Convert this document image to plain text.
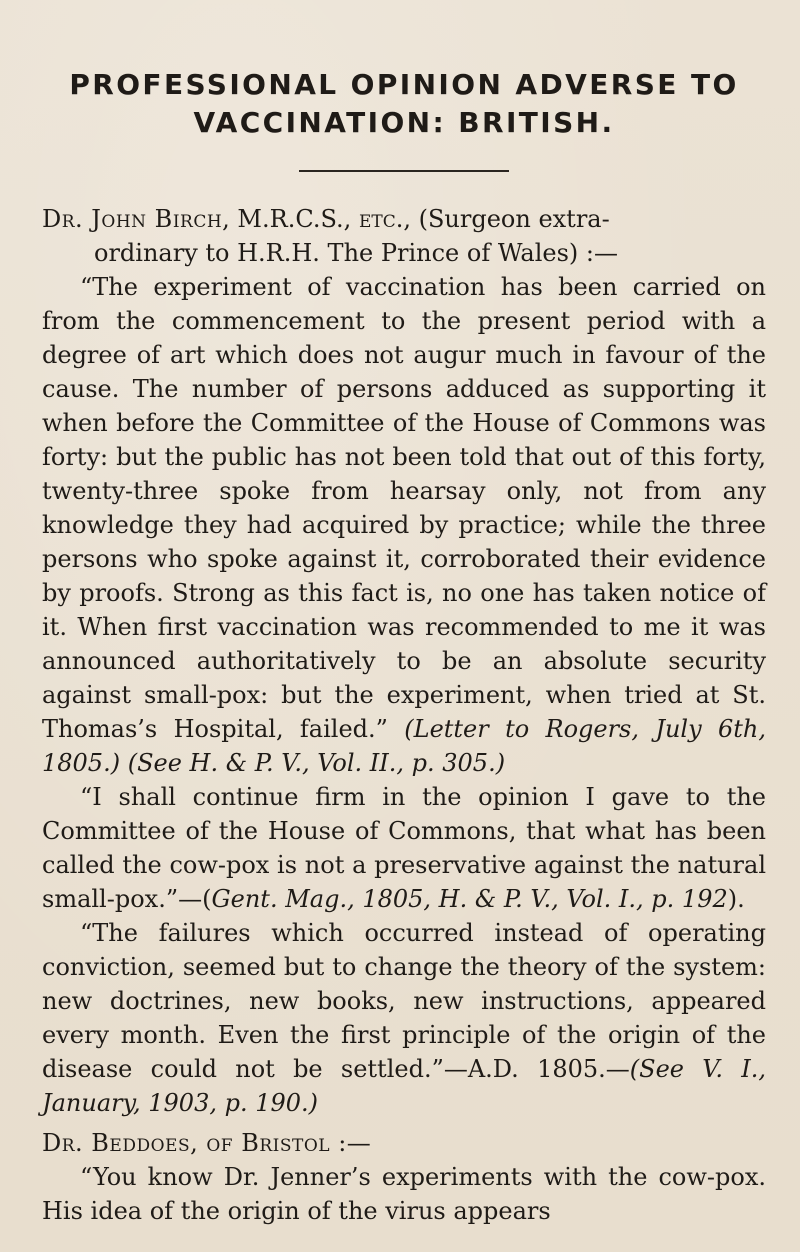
PROFESSIONAL OPINION ADVERSE TO
VACCINATION: BRITISH.

Dr. John Birch, M.R.C.S., etc., (Surgeon extra-

ordinary to H.R.H. The Prince of Wales) :—

“The experiment of vaccination has been carried on from the commencement to the present period with a degree of art which does not augur much in favour of the cause. The number of persons adduced as supporting it when before the Committee of the House of Commons was forty: but the public has not been told that out of this forty, twenty-three spoke from hearsay only, not from any knowledge they had acquired by practice; while the three persons who spoke against it, corroborated their evidence by proofs. Strong as this fact is, no one has taken notice of it. When first vaccination was recommended to me it was announced authoritatively to be an absolute security against small-pox: but the experiment, when tried at St. Thomas’s Hospital, failed.” (Letter to Rogers, July 6th, 1805.) (See H. & P. V., Vol. II., p. 305.)

“I shall continue firm in the opinion I gave to the Committee of the House of Commons, that what has been called the cow-pox is not a preservative against the natural small-pox.”—(Gent. Mag., 1805, H. & P. V., Vol. I., p. 192).

“The failures which occurred instead of operating conviction, seemed but to change the theory of the system: new doctrines, new books, new instructions, appeared every month. Even the first principle of the origin of the disease could not be settled.”—A.D. 1805.—(See V. I., January, 1903, p. 190.)

Dr. Beddoes, of Bristol :—

“You know Dr. Jenner’s experiments with the cow-pox. His idea of the origin of the virus appears
